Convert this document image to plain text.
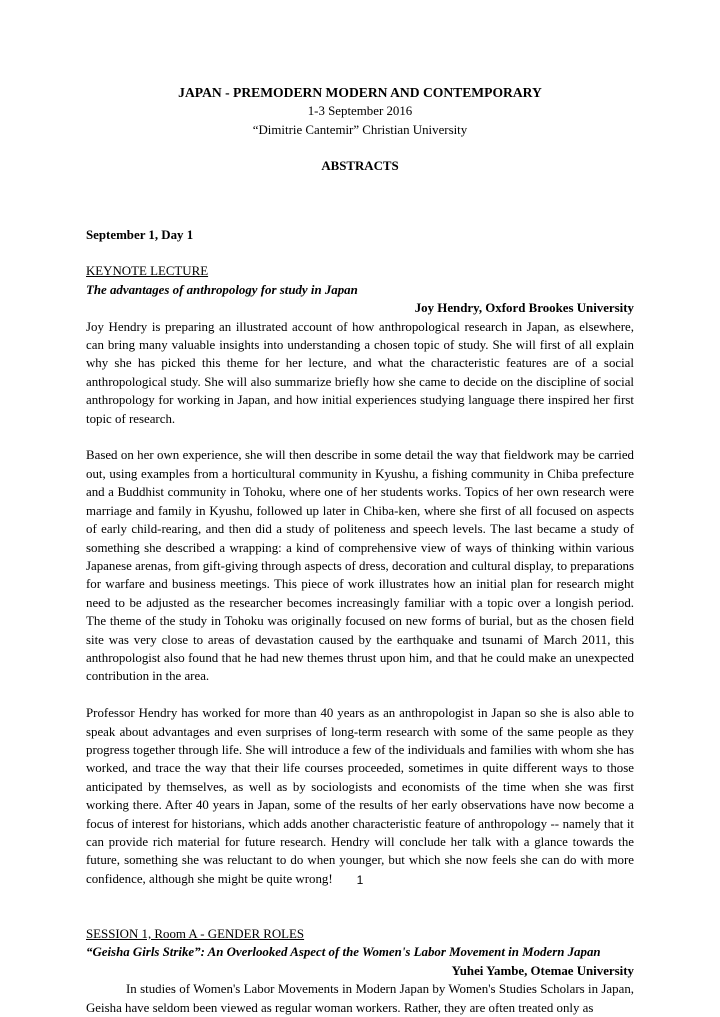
JAPAN - PREMODERN MODERN AND CONTEMPORARY

1-3 September 2016

“Dimitrie Cantemir” Christian University

ABSTRACTS

September 1, Day 1

KEYNOTE LECTURE

The advantages of anthropology for study in Japan

Joy Hendry, Oxford Brookes University

Joy Hendry is preparing an illustrated account of how anthropological research in Japan, as elsewhere, can bring many valuable insights into understanding a chosen topic of study. She will first of all explain why she has picked this theme for her lecture, and what the characteristic features are of a social anthropological study. She will also summarize briefly how she came to decide on the discipline of social anthropology for working in Japan, and how initial experiences studying language there inspired her first topic of research.

Based on her own experience, she will then describe in some detail the way that fieldwork may be carried out, using examples from a horticultural community in Kyushu, a fishing community in Chiba prefecture and a Buddhist community in Tohoku, where one of her students works. Topics of her own research were marriage and family in Kyushu, followed up later in Chiba-ken, where she first of all focused on aspects of early child-rearing, and then did a study of politeness and speech levels. The last became a study of something she described a wrapping: a kind of comprehensive view of ways of thinking within various Japanese arenas, from gift-giving through aspects of dress, decoration and cultural display, to preparations for warfare and business meetings. This piece of work illustrates how an initial plan for research might need to be adjusted as the researcher becomes increasingly familiar with a topic over a longish period. The theme of the study in Tohoku was originally focused on new forms of burial, but as the chosen field site was very close to areas of devastation caused by the earthquake and tsunami of March 2011, this anthropologist also found that he had new themes thrust upon him, and that he could make an unexpected contribution in the area.

Professor Hendry has worked for more than 40 years as an anthropologist in Japan so she is also able to speak about advantages and even surprises of long-term research with some of the same people as they progress together through life. She will introduce a few of the individuals and families with whom she has worked, and trace the way that their life courses proceeded, sometimes in quite different ways to those anticipated by themselves, as well as by sociologists and economists of the time when she was first working there. After 40 years in Japan, some of the results of her early observations have now become a focus of interest for historians, which adds another characteristic feature of anthropology -- namely that it can provide rich material for future research. Hendry will conclude her talk with a glance towards the future, something she was reluctant to do when younger, but which she now feels she can do with more confidence, although she might be quite wrong!

SESSION 1, Room A - GENDER ROLES

“Geisha Girls Strike”: An Overlooked Aspect of the Women's Labor Movement in Modern Japan

Yuhei Yambe, Otemae University

In studies of Women's Labor Movements in Modern Japan by Women's Studies Scholars in Japan, Geisha have seldom been viewed as regular woman workers. Rather, they are often treated only as

1
